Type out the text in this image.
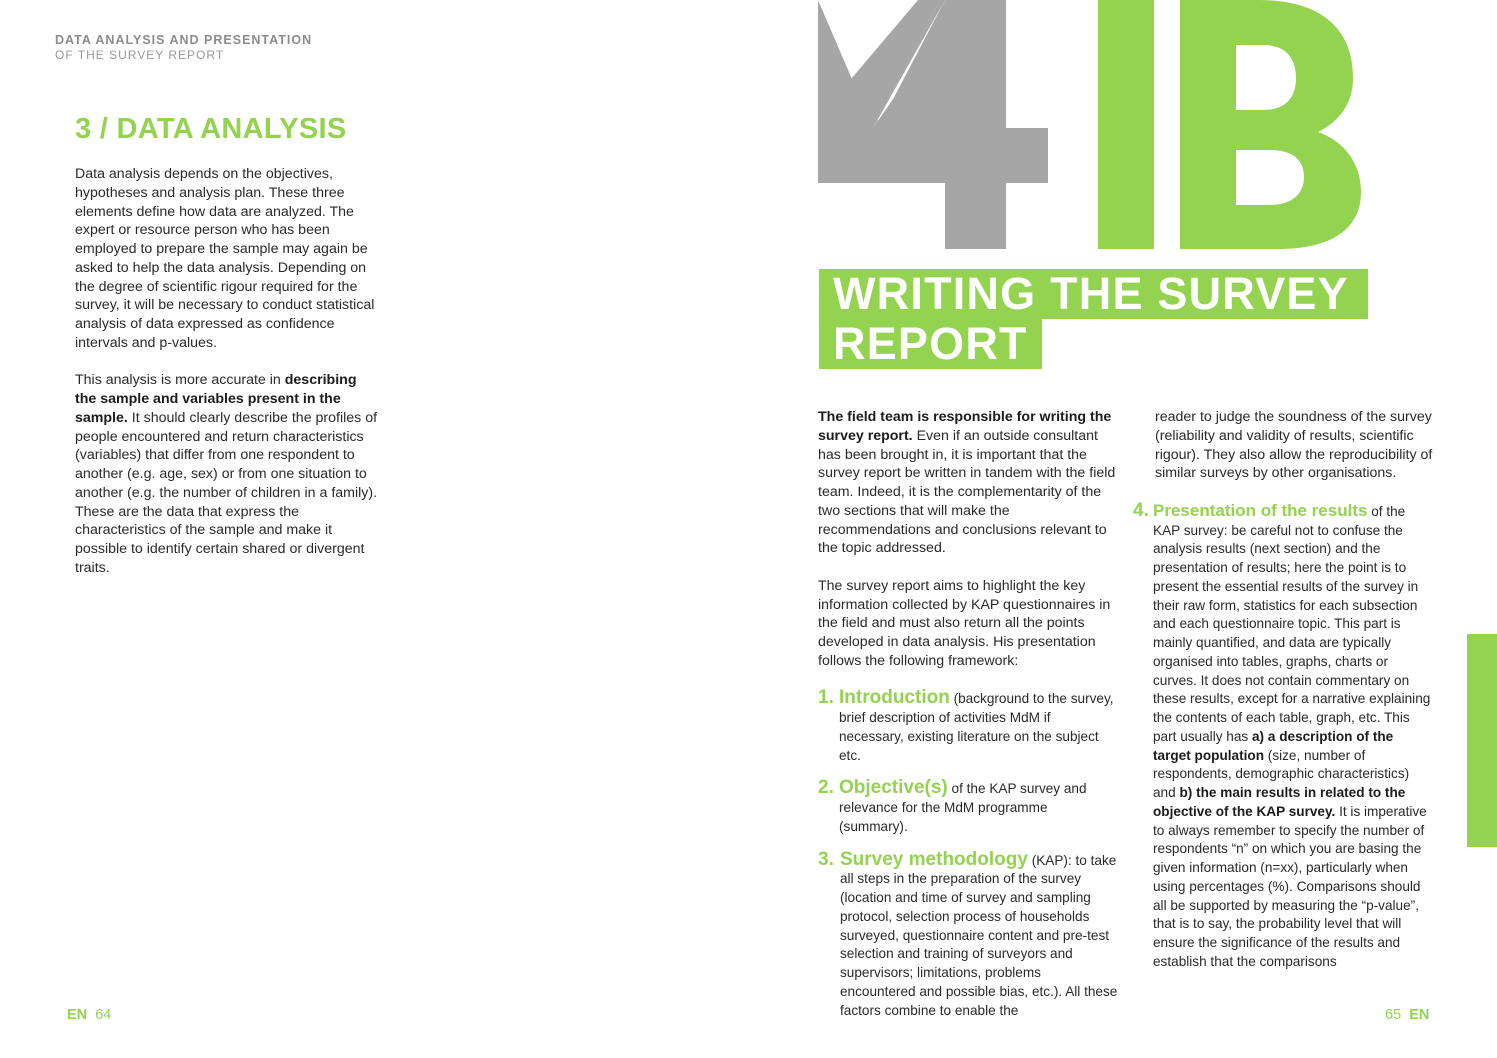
DATA ANALYSIS AND PRESENTATION
OF THE SURVEY REPORT
3 / DATA ANALYSIS

Data analysis depends on the objectives, hypotheses and analysis plan. These three elements define how data are analyzed. The expert or resource person who has been employed to prepare the sample may again be asked to help the data analysis. Depending on the degree of scientific rigour required for the survey, it will be necessary to conduct statistical analysis of data expressed as confidence intervals and p-values.

This analysis is more accurate in describing the sample and variables present in the sample. It should clearly describe the profiles of people encountered and return characteristics (variables) that differ from one respondent to another (e.g. age, sex) or from one situation to another (e.g. the number of children in a family). These are the data that express the characteristics of the sample and make it possible to identify certain shared or divergent traits.

EN 64
WRITING THE SURVEY
REPORT

The field team is responsible for writing the survey report. Even if an outside consultant has been brought in, it is important that the survey report be written in tandem with the field team. Indeed, it is the complementarity of the two sections that will make the recommendations and conclusions relevant to the topic addressed.

The survey report aims to highlight the key information collected by KAP questionnaires in the field and must also return all the points developed in data analysis. His presentation follows the following framework:

1. Introduction (background to the survey, brief description of activities MdM if necessary, existing literature on the subject etc.
2. Objective(s) of the KAP survey and relevance for the MdM programme (summary).
3. Survey methodology (KAP): to take all steps in the preparation of the survey (location and time of survey and sampling protocol, selection process of households surveyed, questionnaire content and pre-test selection and training of surveyors and supervisors; limitations, problems encountered and possible bias, etc.). All these factors combine to enable the

reader to judge the soundness of the survey (reliability and validity of results, scientific rigour). They also allow the reproducibility of similar surveys by other organisations.

4. Presentation of the results of the KAP survey: be careful not to confuse the analysis results (next section) and the presentation of results; here the point is to present the essential results of the survey in their raw form, statistics for each subsection and each questionnaire topic. This part is mainly quantified, and data are typically organised into tables, graphs, charts or curves. It does not contain commentary on these results, except for a narrative explaining the contents of each table, graph, etc. This part usually has a) a description of the target population (size, number of respondents, demographic characteristics) and b) the main results in related to the objective of the KAP survey. It is imperative to always remember to specify the number of respondents “n” on which you are basing the given information (n=xx), particularly when using percentages (%). Comparisons should all be supported by measuring the “p-value”, that is to say, the probability level that will ensure the significance of the results and establish that the comparisons
65 EN
